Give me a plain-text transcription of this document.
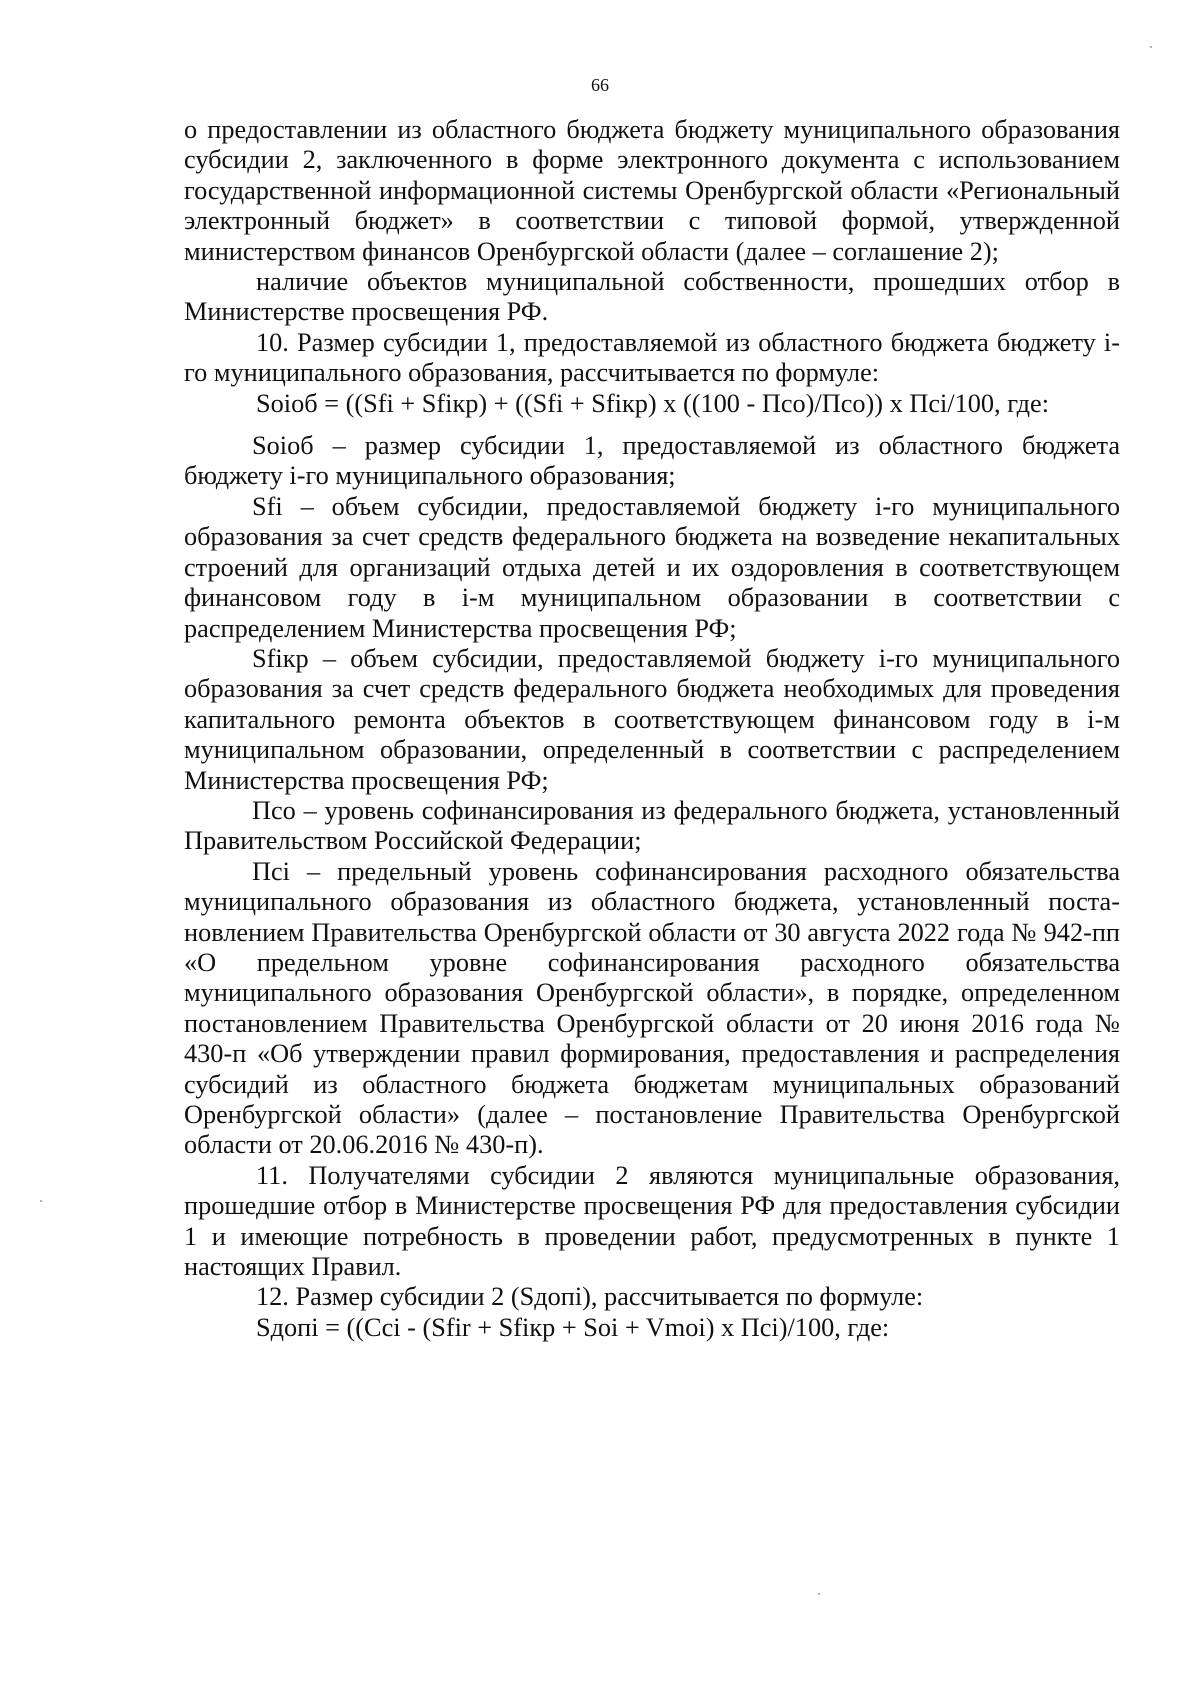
66

о предоставлении из областного бюджета бюджету муниципального образования субсидии 2, заключенного в форме электронного документа с использованием государственной информационной системы Оренбургской области «Региональный электронный бюджет» в соответствии с типовой формой, утвержденной министерством финансов Оренбургской области (далее – соглашение 2);

наличие объектов муниципальной собственности, прошедших отбор в Министерстве просвещения РФ.

10. Размер субсидии 1, предоставляемой из областного бюджета бюджету i-го муниципального образования, рассчитывается по формуле:

Soiоб = ((Sfi + Sfiкр) + ((Sfi + Sfiкр) x ((100 - Псо)/Псо)) x Пci/100, где:

Soiоб – размер субсидии 1, предоставляемой из областного бюджета бюджету i-го муниципального образования;

Sfi – объем субсидии, предоставляемой бюджету i-го муниципального образования за счет средств федерального бюджета на возведение некапитальных строений для организаций отдыха детей и их оздоровления в соответствующем финансовом году в i-м муниципальном образовании в соответствии с распределением Министерства просвещения РФ;

Sfiкр – объем субсидии, предоставляемой бюджету i-го муниципального образования за счет средств федерального бюджета необходимых для проведения капитального ремонта объектов в соответствующем финансовом году в i-м муниципальном образовании, определенный в соответствии с распределением Министерства просвещения РФ;

Псо – уровень софинансирования из федерального бюджета, установленный Правительством Российской Федерации;

Пci – предельный уровень софинансирования расходного обязательства муниципального образования из областного бюджета, установленный постановлением Правительства Оренбургской области от 30 августа 2022 года № 942-пп «О предельном уровне софинансирования расходного обязательства муниципального образования Оренбургской области», в порядке, определенном постановлением Правительства Оренбургской области от 20 июня 2016 года № 430-п «Об утверждении правил формирования, предоставления и распределения субсидий из областного бюджета бюджетам муниципальных образований Оренбургской области» (далее – постановление Правительства Оренбургской области от 20.06.2016 № 430-п).

11. Получателями субсидии 2 являются муниципальные образования, прошедшие отбор в Министерстве просвещения РФ для предоставления субсидии 1 и имеющие потребность в проведении работ, предусмотренных в пункте 1 настоящих Правил.

12. Размер субсидии 2 (Sдопi), рассчитывается по формуле:

Sдопi = ((Сci - (Sfir + Sfiкр + Soi + Vmoi) x Пci)/100, где:
